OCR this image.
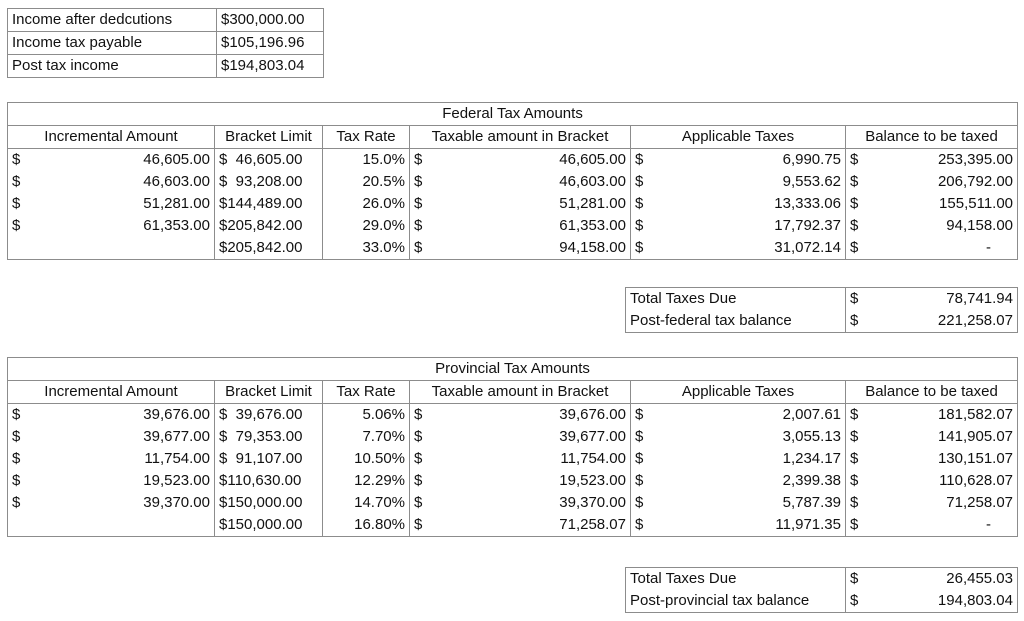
Income after dedcutions	$300,000.00
Income tax payable	$105,196.96
Post tax income	$194,803.04
Federal Tax Amounts					
Incremental Amount	Bracket Limit	Tax Rate	Taxable amount in Bracket	Applicable Taxes	Balance to be taxed

$ 46,605.00	$  46,605.00	15.0%	$ 46,605.00	$ 6,990.75	$ 253,395.00

$ 46,603.00	$  93,208.00	20.5%	$ 46,603.00	$ 9,553.62	$ 206,792.00

$ 51,281.00	$144,489.00	26.0%	$ 51,281.00	$ 13,333.06	$ 155,511.00

$ 61,353.00	$205,842.00	29.0%	$ 61,353.00	$ 17,792.37	$ 94,158.00

	$205,842.00	33.0%	$ 94,158.00	$ 31,072.14	$ -
Total Taxes Due	$ 78,741.94

Post-federal tax balance	$ 221,258.07
Provincial Tax Amounts					
Incremental Amount	Bracket Limit	Tax Rate	Taxable amount in Bracket	Applicable Taxes	Balance to be taxed

$ 39,676.00	$  39,676.00	5.06%	$ 39,676.00	$ 2,007.61	$ 181,582.07

$ 39,677.00	$  79,353.00	7.70%	$ 39,677.00	$ 3,055.13	$ 141,905.07

$ 11,754.00	$  91,107.00	10.50%	$ 11,754.00	$ 1,234.17	$ 130,151.07

$ 19,523.00	$110,630.00	12.29%	$ 19,523.00	$ 2,399.38	$ 110,628.07

$ 39,370.00	$150,000.00	14.70%	$ 39,370.00	$ 5,787.39	$ 71,258.07

	$150,000.00	16.80%	$ 71,258.07	$ 11,971.35	$ -
Total Taxes Due	$ 26,455.03

Post-provincial tax balance	$ 194,803.04
